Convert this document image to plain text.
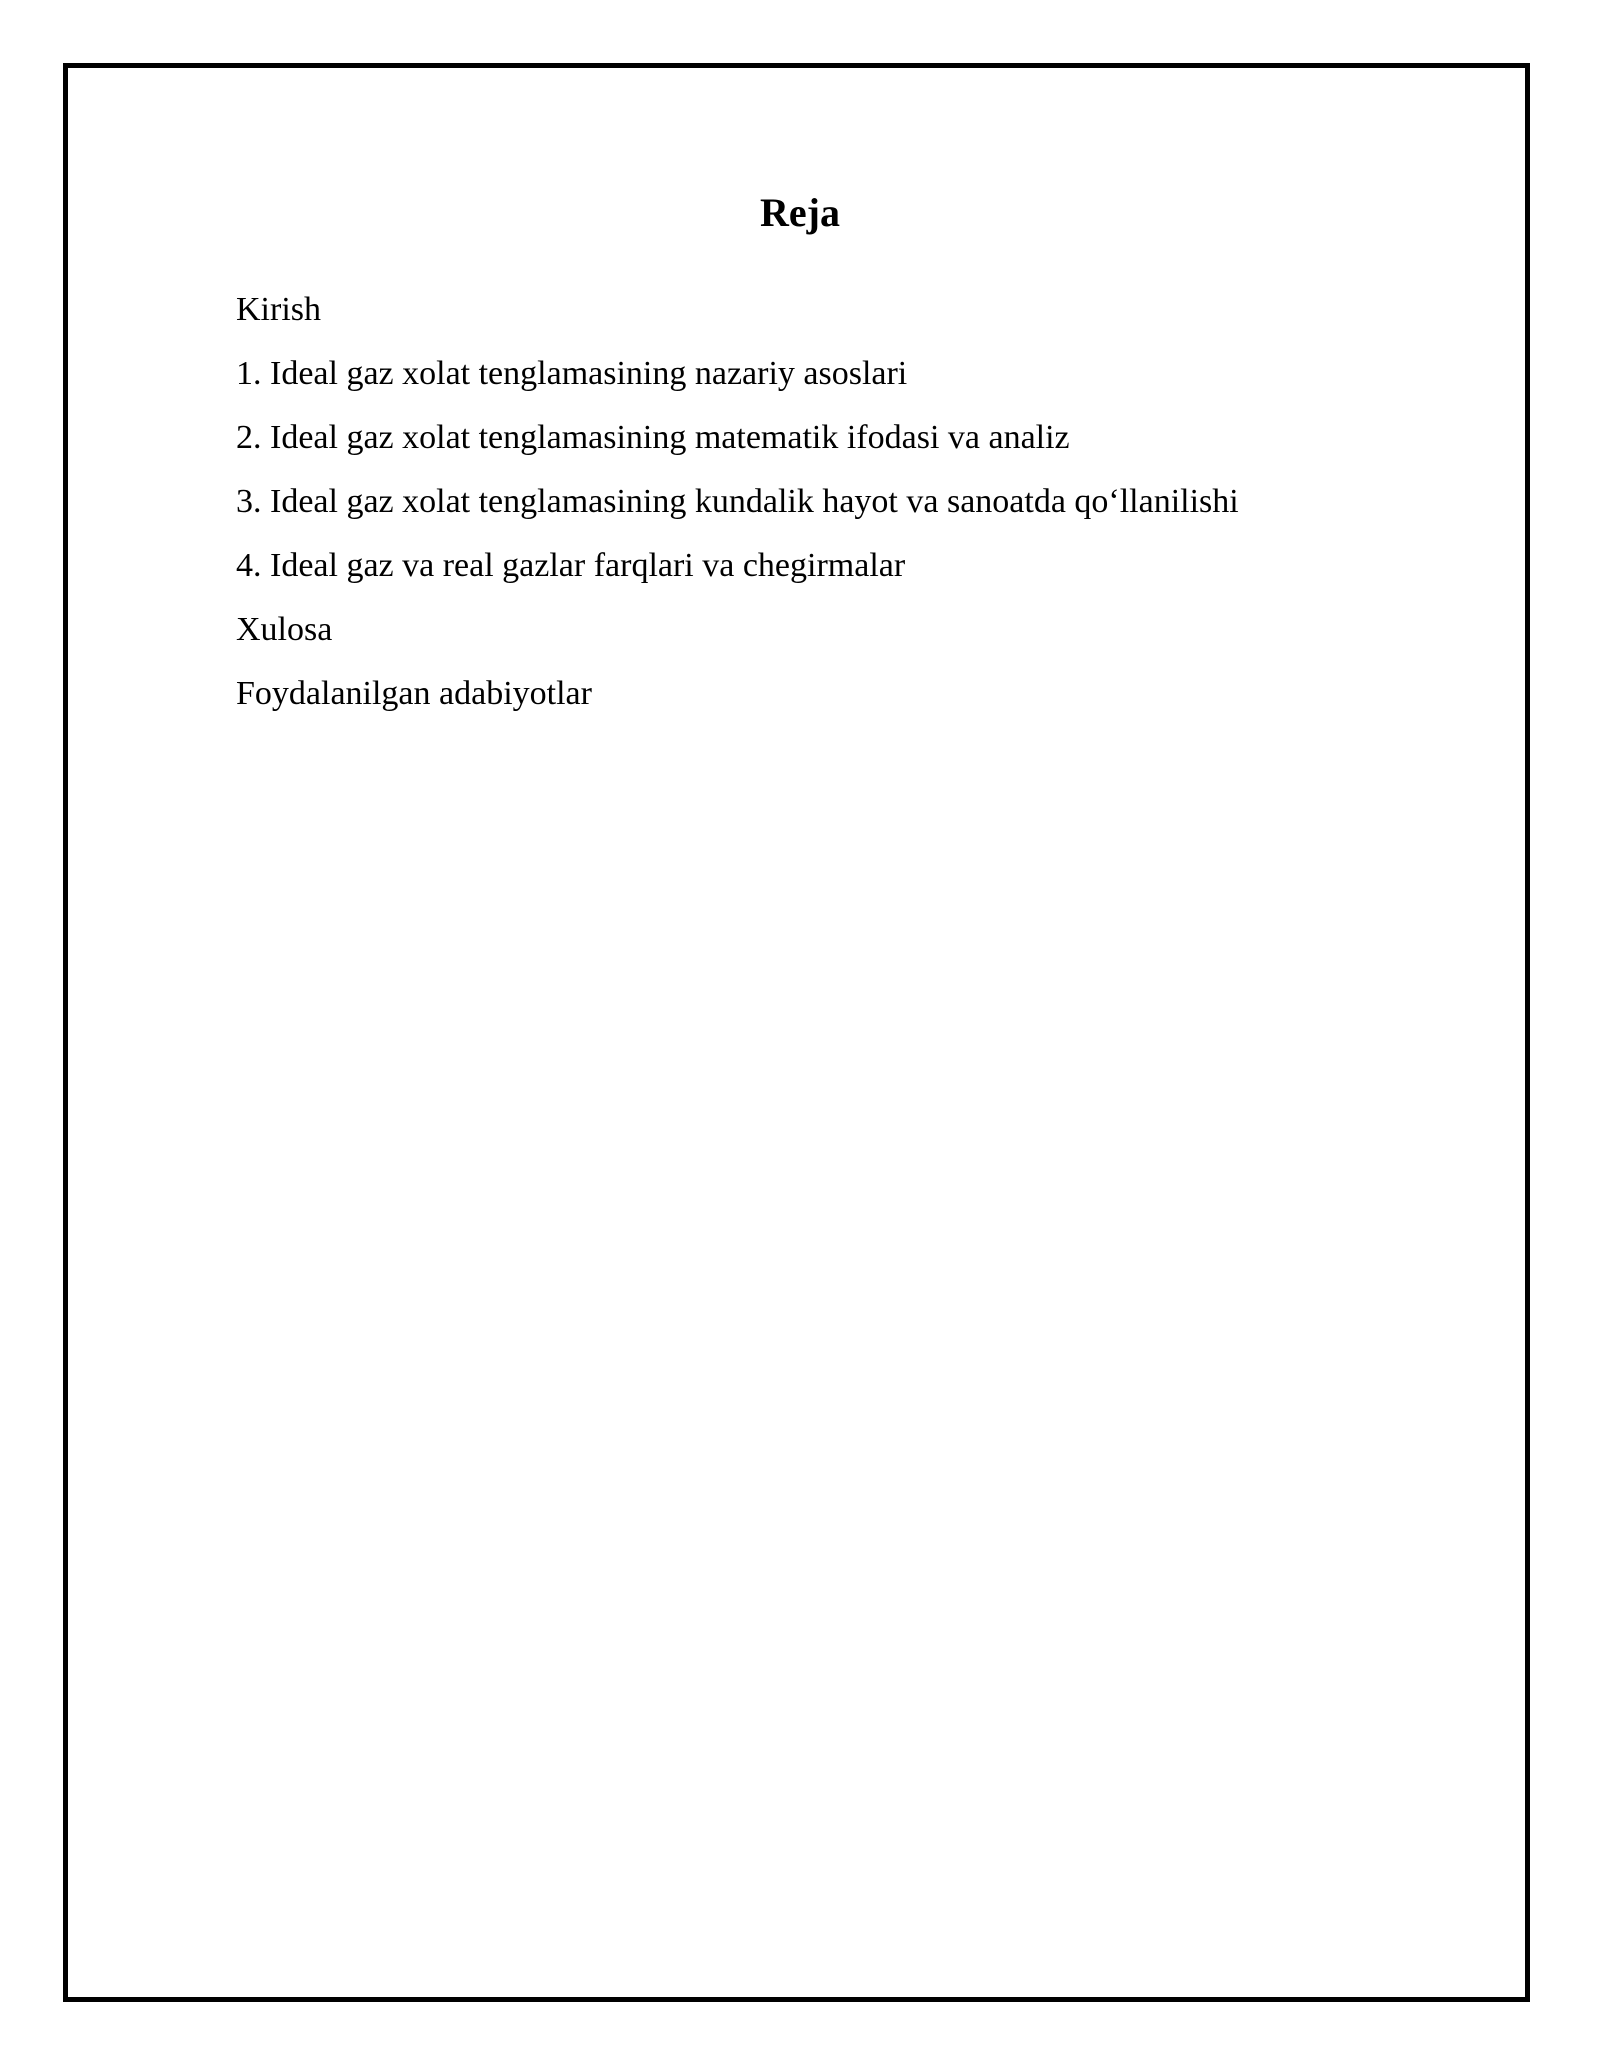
Reja
Kirish
1. Ideal gaz xolat tenglamasining nazariy asoslari
2. Ideal gaz xolat tenglamasining matematik ifodasi va analiz
3. Ideal gaz xolat tenglamasining kundalik hayot va sanoatda qo‘llanilishi
4. Ideal gaz va real gazlar farqlari va chegirmalar
Xulosa
Foydalanilgan adabiyotlar
